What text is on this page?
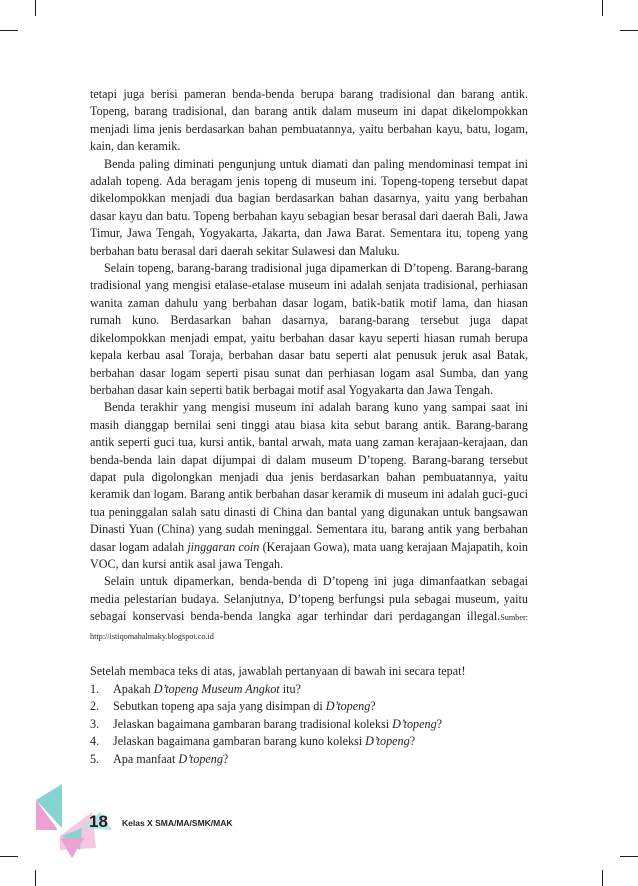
tetapi juga berisi pameran benda-benda berupa barang tradisional dan barang antik. Topeng, barang tradisional, dan barang antik dalam museum ini dapat dikelompokkan menjadi lima jenis berdasarkan bahan pembuatannya, yaitu berbahan kayu, batu, logam, kain, dan keramik.

Benda paling diminati pengunjung untuk diamati dan paling mendominasi tempat ini adalah topeng. Ada beragam jenis topeng di museum ini. Topeng-topeng tersebut dapat dikelompokkan menjadi dua bagian berdasarkan bahan dasarnya, yaitu yang berbahan dasar kayu dan batu. Topeng berbahan kayu sebagian besar berasal dari daerah Bali, Jawa Timur, Jawa Tengah, Yogyakarta, Jakarta, dan Jawa Barat. Sementara itu, topeng yang berbahan batu berasal dari daerah sekitar Sulawesi dan Maluku.

Selain topeng, barang-barang tradisional juga dipamerkan di D’topeng. Barang-barang tradisional yang mengisi etalase-etalase museum ini adalah senjata tradisional, perhiasan wanita zaman dahulu yang berbahan dasar logam, batik-batik motif lama, dan hiasan rumah kuno. Berdasarkan bahan dasarnya, barang-barang tersebut juga dapat dikelompokkan menjadi empat, yaitu berbahan dasar kayu seperti hiasan rumah berupa kepala kerbau asal Toraja, berbahan dasar batu seperti alat penusuk jeruk asal Batak, berbahan dasar logam seperti pisau sunat dan perhiasan logam asal Sumba, dan yang berbahan dasar kain seperti batik berbagai motif asal Yogyakarta dan Jawa Tengah.

Benda terakhir yang mengisi museum ini adalah barang kuno yang sampai saat ini masih dianggap bernilai seni tinggi atau biasa kita sebut barang antik. Barang-barang antik seperti guci tua, kursi antik, bantal arwah, mata uang zaman kerajaan-kerajaan, dan benda-benda lain dapat dijumpai di dalam museum D’topeng. Barang-barang tersebut dapat pula digolongkan menjadi dua jenis berdasarkan bahan pembuatannya, yaitu keramik dan logam. Barang antik berbahan dasar keramik di museum ini adalah guci-guci tua peninggalan salah satu dinasti di China dan bantal yang digunakan untuk bangsawan Dinasti Yuan (China) yang sudah meninggal. Sementara itu, barang antik yang berbahan dasar logam adalah jinggaran coin (Kerajaan Gowa), mata uang kerajaan Majapatih, koin VOC, dan kursi antik asal jawa Tengah.

Selain untuk dipamerkan, benda-benda di D’topeng ini juga dimanfaatkan sebagai media pelestarian budaya. Selanjutnya, D’topeng berfungsi pula sebagai museum, yaitu sebagai konservasi benda-benda langka agar terhindar dari perdagangan illegal.Sumber: http://istiqomahalmaky.blogspot.co.id

Setelah membaca teks di atas, jawablah pertanyaan di bawah ini secara tepat!

1.	Apakah D’topeng Museum Angkot itu?
2.	Sebutkan topeng apa saja yang disimpan di D’topeng?
3.	Jelaskan bagaimana gambaran barang tradisional koleksi D’topeng?
4.	Jelaskan bagaimana gambaran barang kuno koleksi D’topeng?
5.	Apa manfaat D’topeng?
18 Kelas X SMA/MA/SMK/MAK
